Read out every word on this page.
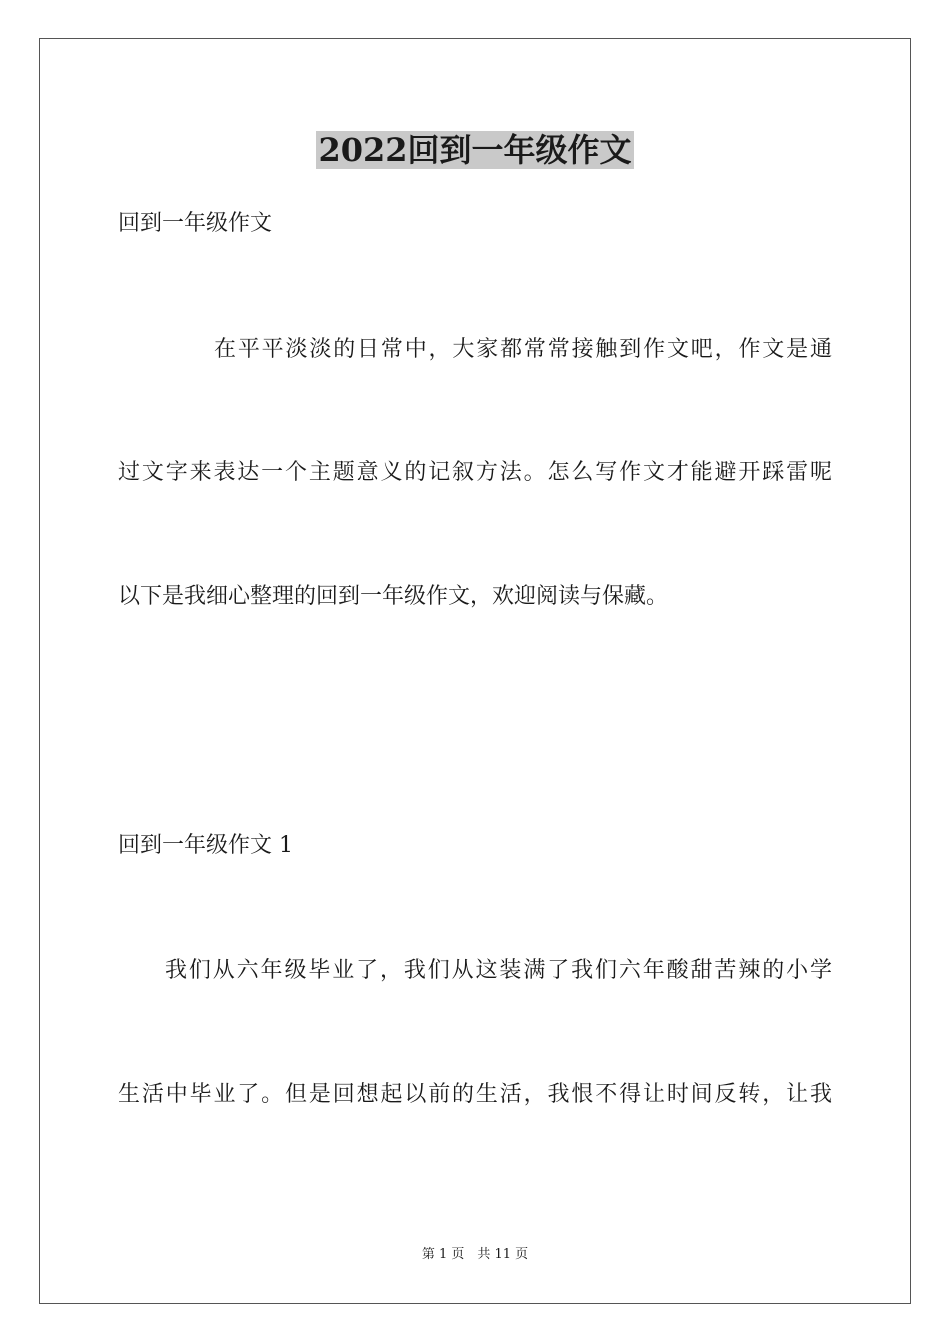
2022回到一年级作文
回到一年级作文
在平平淡淡的日常中，大家都常常接触到作文吧，作文是通
过文字来表达一个主题意义的记叙方法。怎么写作文才能避开踩雷呢
以下是我细心整理的回到一年级作文，欢迎阅读与保藏。
回到一年级作文 1
我们从六年级毕业了，我们从这装满了我们六年酸甜苦辣的小学
生活中毕业了。但是回想起以前的生活，我恨不得让时间反转，让我
第 1 页　共 11 页
